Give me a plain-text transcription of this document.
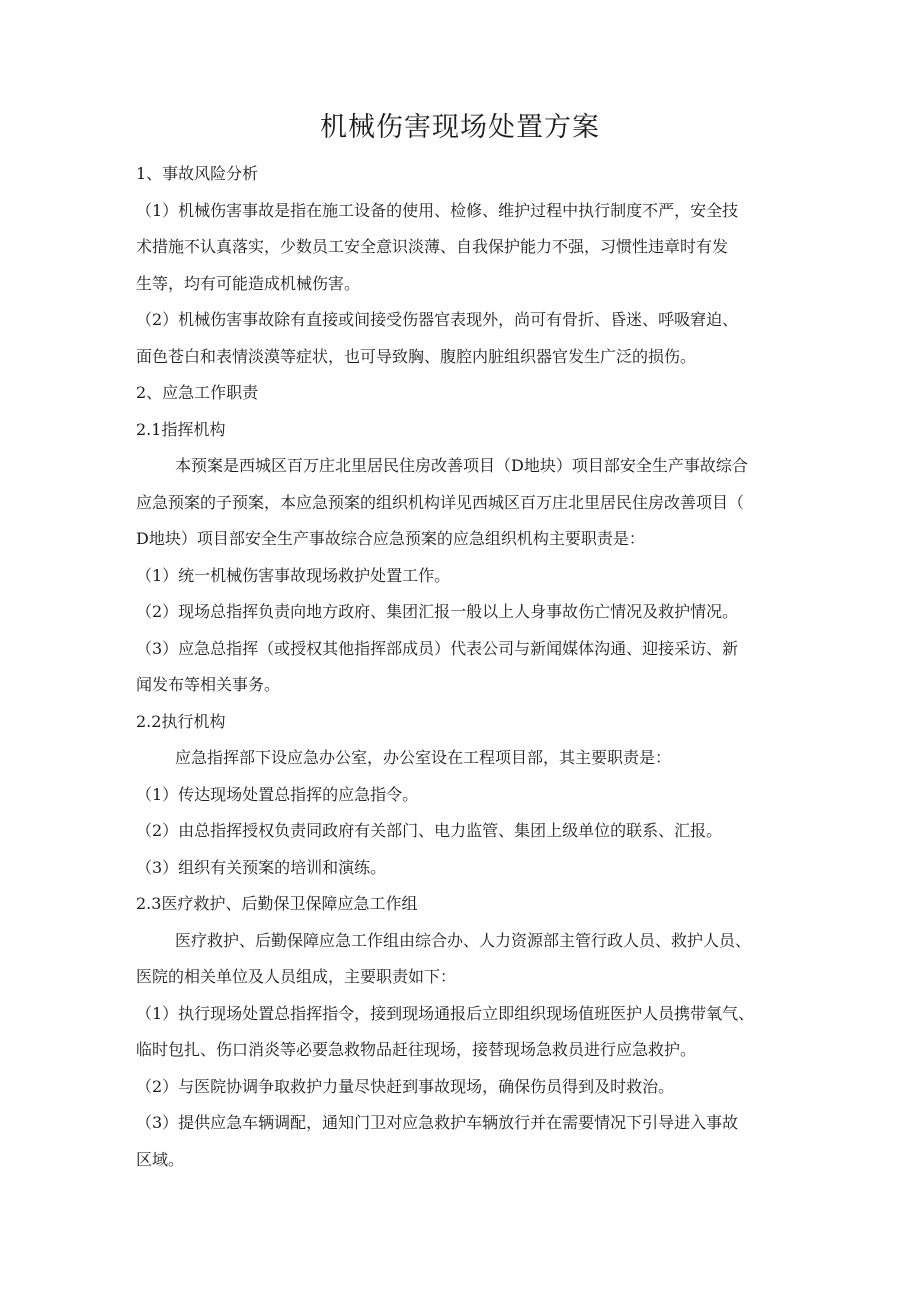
机械伤害现场处置方案
1、事故风险分析
（1）机械伤害事故是指在施工设备的使用、检修、维护过程中执行制度不严，安全技
术措施不认真落实，少数员工安全意识淡薄、自我保护能力不强，习惯性违章时有发
生等，均有可能造成机械伤害。
（2）机械伤害事故除有直接或间接受伤器官表现外，尚可有骨折、昏迷、呼吸窘迫、
面色苍白和表情淡漠等症状，也可导致胸、腹腔内脏组织器官发生广泛的损伤。
2、应急工作职责
2.1指挥机构
本预案是西城区百万庄北里居民住房改善项目（D地块）项目部安全生产事故综合
应急预案的子预案，本应急预案的组织机构详见西城区百万庄北里居民住房改善项目（
D地块）项目部安全生产事故综合应急预案的应急组织机构主要职责是：
（1）统一机械伤害事故现场救护处置工作。
（2）现场总指挥负责向地方政府、集团汇报一般以上人身事故伤亡情况及救护情况。
（3）应急总指挥（或授权其他指挥部成员）代表公司与新闻媒体沟通、迎接采访、新
闻发布等相关事务。
2.2执行机构
应急指挥部下设应急办公室，办公室设在工程项目部，其主要职责是：
（1）传达现场处置总指挥的应急指令。
（2）由总指挥授权负责同政府有关部门、电力监管、集团上级单位的联系、汇报。
（3）组织有关预案的培训和演练。
2.3医疗救护、后勤保卫保障应急工作组
医疗救护、后勤保障应急工作组由综合办、人力资源部主管行政人员、救护人员、
医院的相关单位及人员组成，主要职责如下：
（1）执行现场处置总指挥指令，接到现场通报后立即组织现场值班医护人员携带氧气、
临时包扎、伤口消炎等必要急救物品赶往现场，接替现场急救员进行应急救护。
（2）与医院协调争取救护力量尽快赶到事故现场，确保伤员得到及时救治。
（3）提供应急车辆调配，通知门卫对应急救护车辆放行并在需要情况下引导进入事故
区域。
